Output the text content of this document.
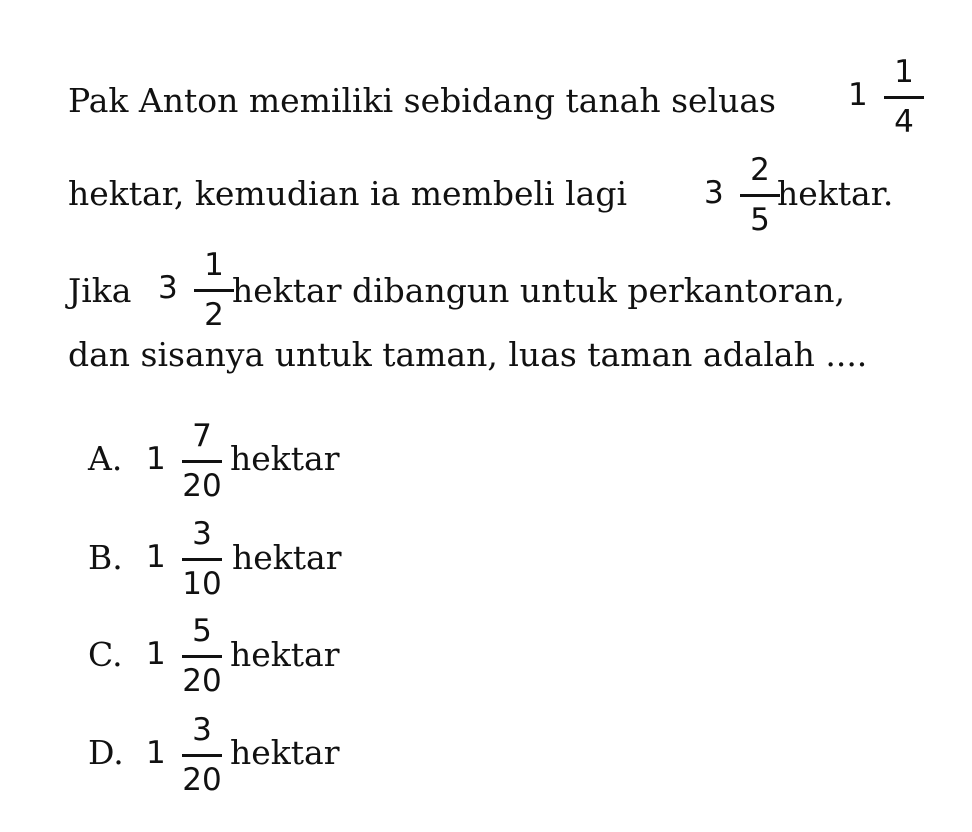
Pak Anton memiliki sebidang tanah seluas 1
1
4
hektar, kemudian ia membeli lagi 3
2
5
hektar.
Jika 3
1
2
hektar dibangun untuk perkantoran,
dan sisanya untuk taman, luas taman adalah ....
A. 1
7
20
hektar
B. 1
3
10
hektar
C. 1
5
20
hektar
D. 1
3
20
hektar
